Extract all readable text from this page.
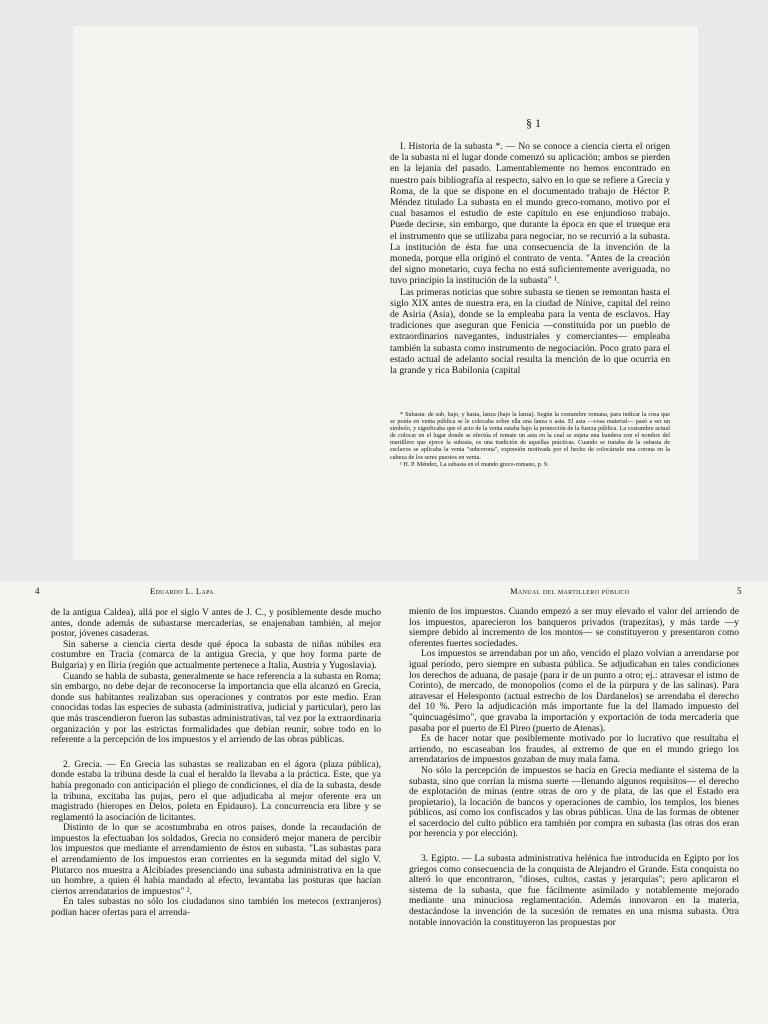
§ 1

I. Historia de la subasta *. — No se conoce a ciencia cierta el origen de la subasta ni el lugar donde comenzó su aplicación; ambos se pierden en la lejanía del pasado. Lamentablemente no hemos encontrado en nuestro país bibliografía al respecto, salvo en lo que se refiere a Grecia y Roma, de la que se dispone en el documentado trabajo de Héctor P. Méndez titulado La subasta en el mundo greco-romano, motivo por el cual basamos el estudio de este capítulo en ese enjundioso trabajo. Puede decirse, sin embargo, que durante la época en que el trueque era el instrumento que se utilizaba para negociar, no se recurrió a la subasta. La institución de ésta fue una consecuencia de la invención de la moneda, porque ella originó el contrato de venta. "Antes de la creación del signo monetario, cuya fecha no está suficientemente averiguada, no tuvo principio la institución de la subasta" ¹.

Las primeras noticias que sobre subasta se tienen se remontan hasta el siglo XIX antes de nuestra era, en la ciudad de Nínive, capital del reino de Asiria (Asia), donde se la empleaba para la venta de esclavos. Hay tradiciones que aseguran que Fenicia —constituida por un pueblo de extraordinarios navegantes, industriales y comerciantes— empleaba también la subasta como instrumento de negociación. Poco grato para el estado actual de adelanto social resulta la mención de lo que ocurría en la grande y rica Babilonia (capital

* Subasta: de sub, bajo, y hasta, lanza (bajo la lanza). Según la costumbre romana, para indicar la cosa que se ponía en venta pública se le colocaba sobre ella una lanza o asta. El asta —cosa material— pasó a ser un símbolo, y significaba que el acto de la venta estaba bajo la protección de la fuerza pública. La costumbre actual de colocar en el lugar donde se efectúa el remate un asta en la cual se sujeta una bandera con el nombre del martillero que ejerce la subasta, es una tradición de aquellas prácticas. Cuando se trataba de la subasta de esclavos se aplicaba la venta "subcorona", expresión motivada por el hecho de colocársele una corona en la cabeza de los seres puestos en venta.

¹ H. P. Méndez, La subasta en el mundo greco-romano, p. 9.

4	Eduardo L. Lapa

de la antigua Caldea), allá por el siglo V antes de J. C., y posiblemente desde mucho antes, donde además de subastarse mercaderías, se enajenaban también, al mejor postor, jóvenes casaderas.

Sin saberse a ciencia cierta desde qué época la subasta de niñas núbiles era costumbre en Tracia (comarca de la antigua Grecia, y que hoy forma parte de Bulgaria) y en Iliria (región que actualmente pertenece a Italia, Austria y Yugoslavia).

Cuando se habla de subasta, generalmente se hace referencia a la subasta en Roma; sin embargo, no debe dejar de reconocerse la importancia que ella alcanzó en Grecia, donde sus habitantes realizaban sus operaciones y contratos por este medio. Eran conocidas todas las especies de subasta (administrativa, judicial y particular), pero las que más trascendieron fueron las subastas administrativas, tal vez por la extraordinaria organización y por las estrictas formalidades que debían reunir, sobre todo en lo referente a la percepción de los impuestos y el arriendo de las obras públicas.

2. Grecia. — En Grecia las subastas se realizaban en el ágora (plaza pública), donde estaba la tribuna desde la cual el heraldo la llevaba a la práctica. Este, que ya había pregonado con anticipación el pliego de condiciones, el día de la subasta, desde la tribuna, excitaba las pujas, pero el que adjudicaba al mejor oferente era un magistrado (hieropes en Delos, poleta en Epidauro). La concurrencia era libre y se reglamentó la asociación de licitantes.

Distinto de lo que se acostumbraba en otros países, donde la recaudación de impuestos la efectuaban los soldados, Grecia no consideró mejor manera de percibir los impuestos que mediante el arrendamiento de éstos en subasta. "Las subastas para el arrendamiento de los impuestos eran corrientes en la segunda mitad del siglo V. Plutarco nos muestra a Alcibíades presenciando una subasta administrativa en la que un hombre, a quien él había mandado al efecto, levantaba las posturas que hacían ciertos arrendatarios de impuestos" ².

En tales subastas no sólo los ciudadanos sino también los metecos (extranjeros) podían hacer ofertas para el arrenda-

Manual del martillero público	5

miento de los impuestos. Cuando empezó a ser muy elevado el valor del arriendo de los impuestos, aparecieron los banqueros privados (trapezitas), y más tarde —y siempre debido al incremento de los montos— se constituyeron y presentaron como oferentes fuertes sociedades.

Los impuestos se arrendaban por un año, vencido el plazo volvían a arrendarse por igual período, pero siempre en subasta pública. Se adjudicaban en tales condiciones los derechos de aduana, de pasaje (para ir de un punto a otro; ej.: atravesar el istmo de Corinto), de mercado, de monopolios (como el de la púrpura y de las salinas). Para atravesar el Helesponto (actual estrecho de los Dardanelos) se arrendaba el derecho del 10 %. Pero la adjudicación más importante fue la del llamado impuesto del "quincuagésimo", que gravaba la importación y exportación de toda mercadería que pasaba por el puerto de El Pireo (puerto de Atenas).

Es de hacer notar que posiblemente motivado por lo lucrativo que resultaba el arriendo, no escaseaban los fraudes, al extremo de que en el mundo griego los arrendatarios de impuestos gozaban de muy mala fama.

No sólo la percepción de impuestos se hacía en Grecia mediante el sistema de la subasta, sino que corrían la misma suerte —llenando algunos requisitos— el derecho de explotación de minas (entre otras de oro y de plata, de las que el Estado era propietario), la locación de bancos y operaciones de cambio, los templos, los bienes públicos, así como los confiscados y las obras públicas. Una de las formas de obtener el sacerdocio del culto público era también por compra en subasta (las otras dos eran por herencia y por elección).

3. Egipto. — La subasta administrativa helénica fue introducida en Egipto por los griegos como consecuencia de la conquista de Alejandro el Grande. Esta conquista no alteró lo que encontraron, "dioses, cultos, castas y jerarquías"; pero aplicaron el sistema de la subasta, que fue fácilmente asimilado y notablemente mejorado mediante una minuciosa reglamentación. Además innovaron en la materia, destacándose la invención de la sucesión de remates en una misma subasta. Otra notable innovación la constituyeron las propuestas por
